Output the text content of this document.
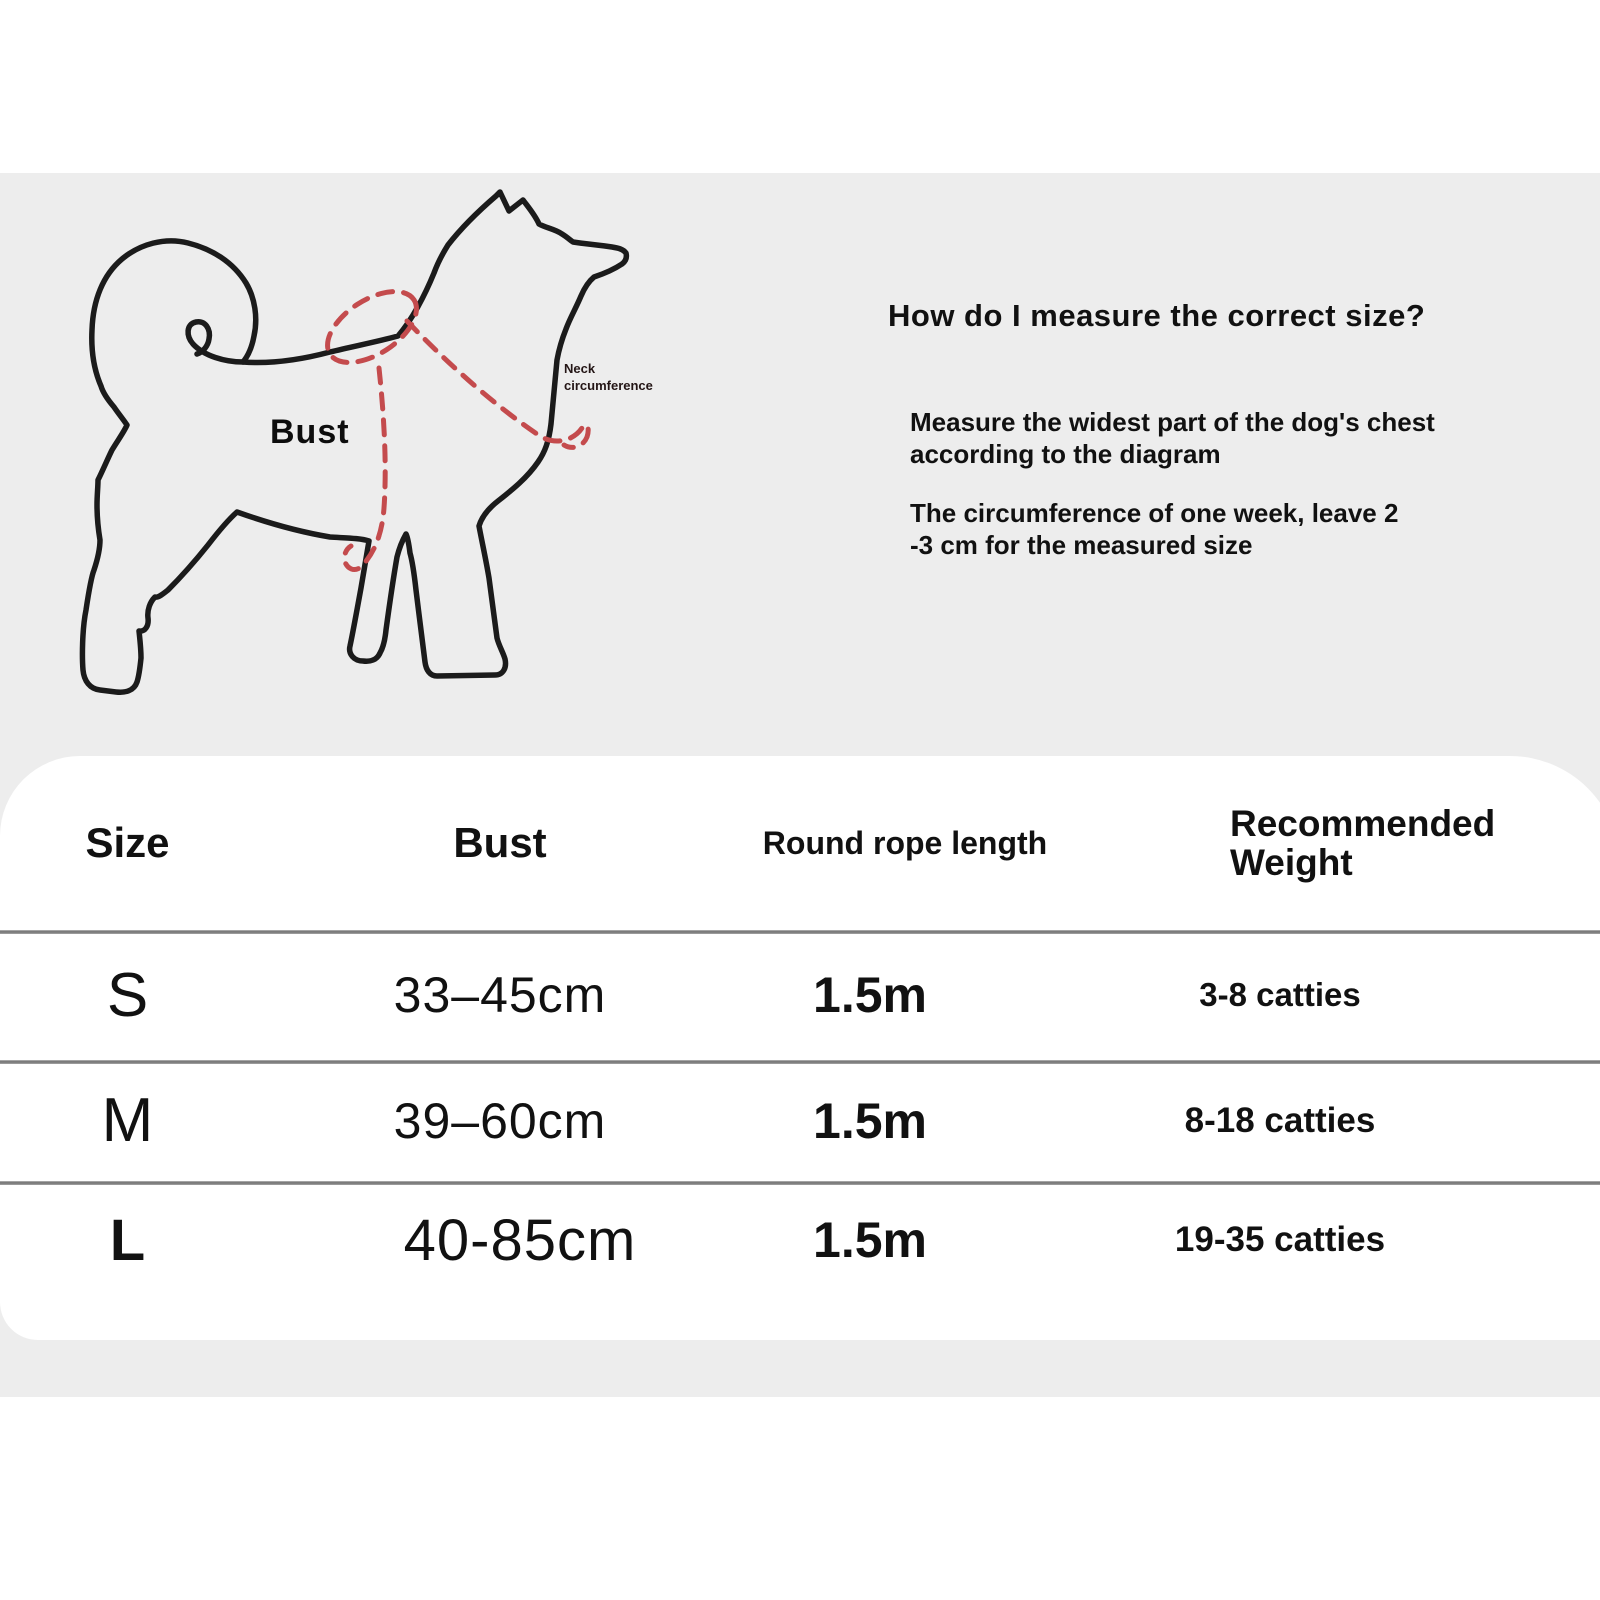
Bust
Neck
circumference
How do I measure the correct size?
Measure the widest part of the dog's chest
according to the diagram
The circumference of one week, leave 2
-3 cm for the measured size
Size	Bust	Round rope length	Recommended Weight
S	33–45cm	1.5m	3-8 catties
M	39–60cm	1.5m	8-18 catties
L	40-85cm	1.5m	19-35 catties
